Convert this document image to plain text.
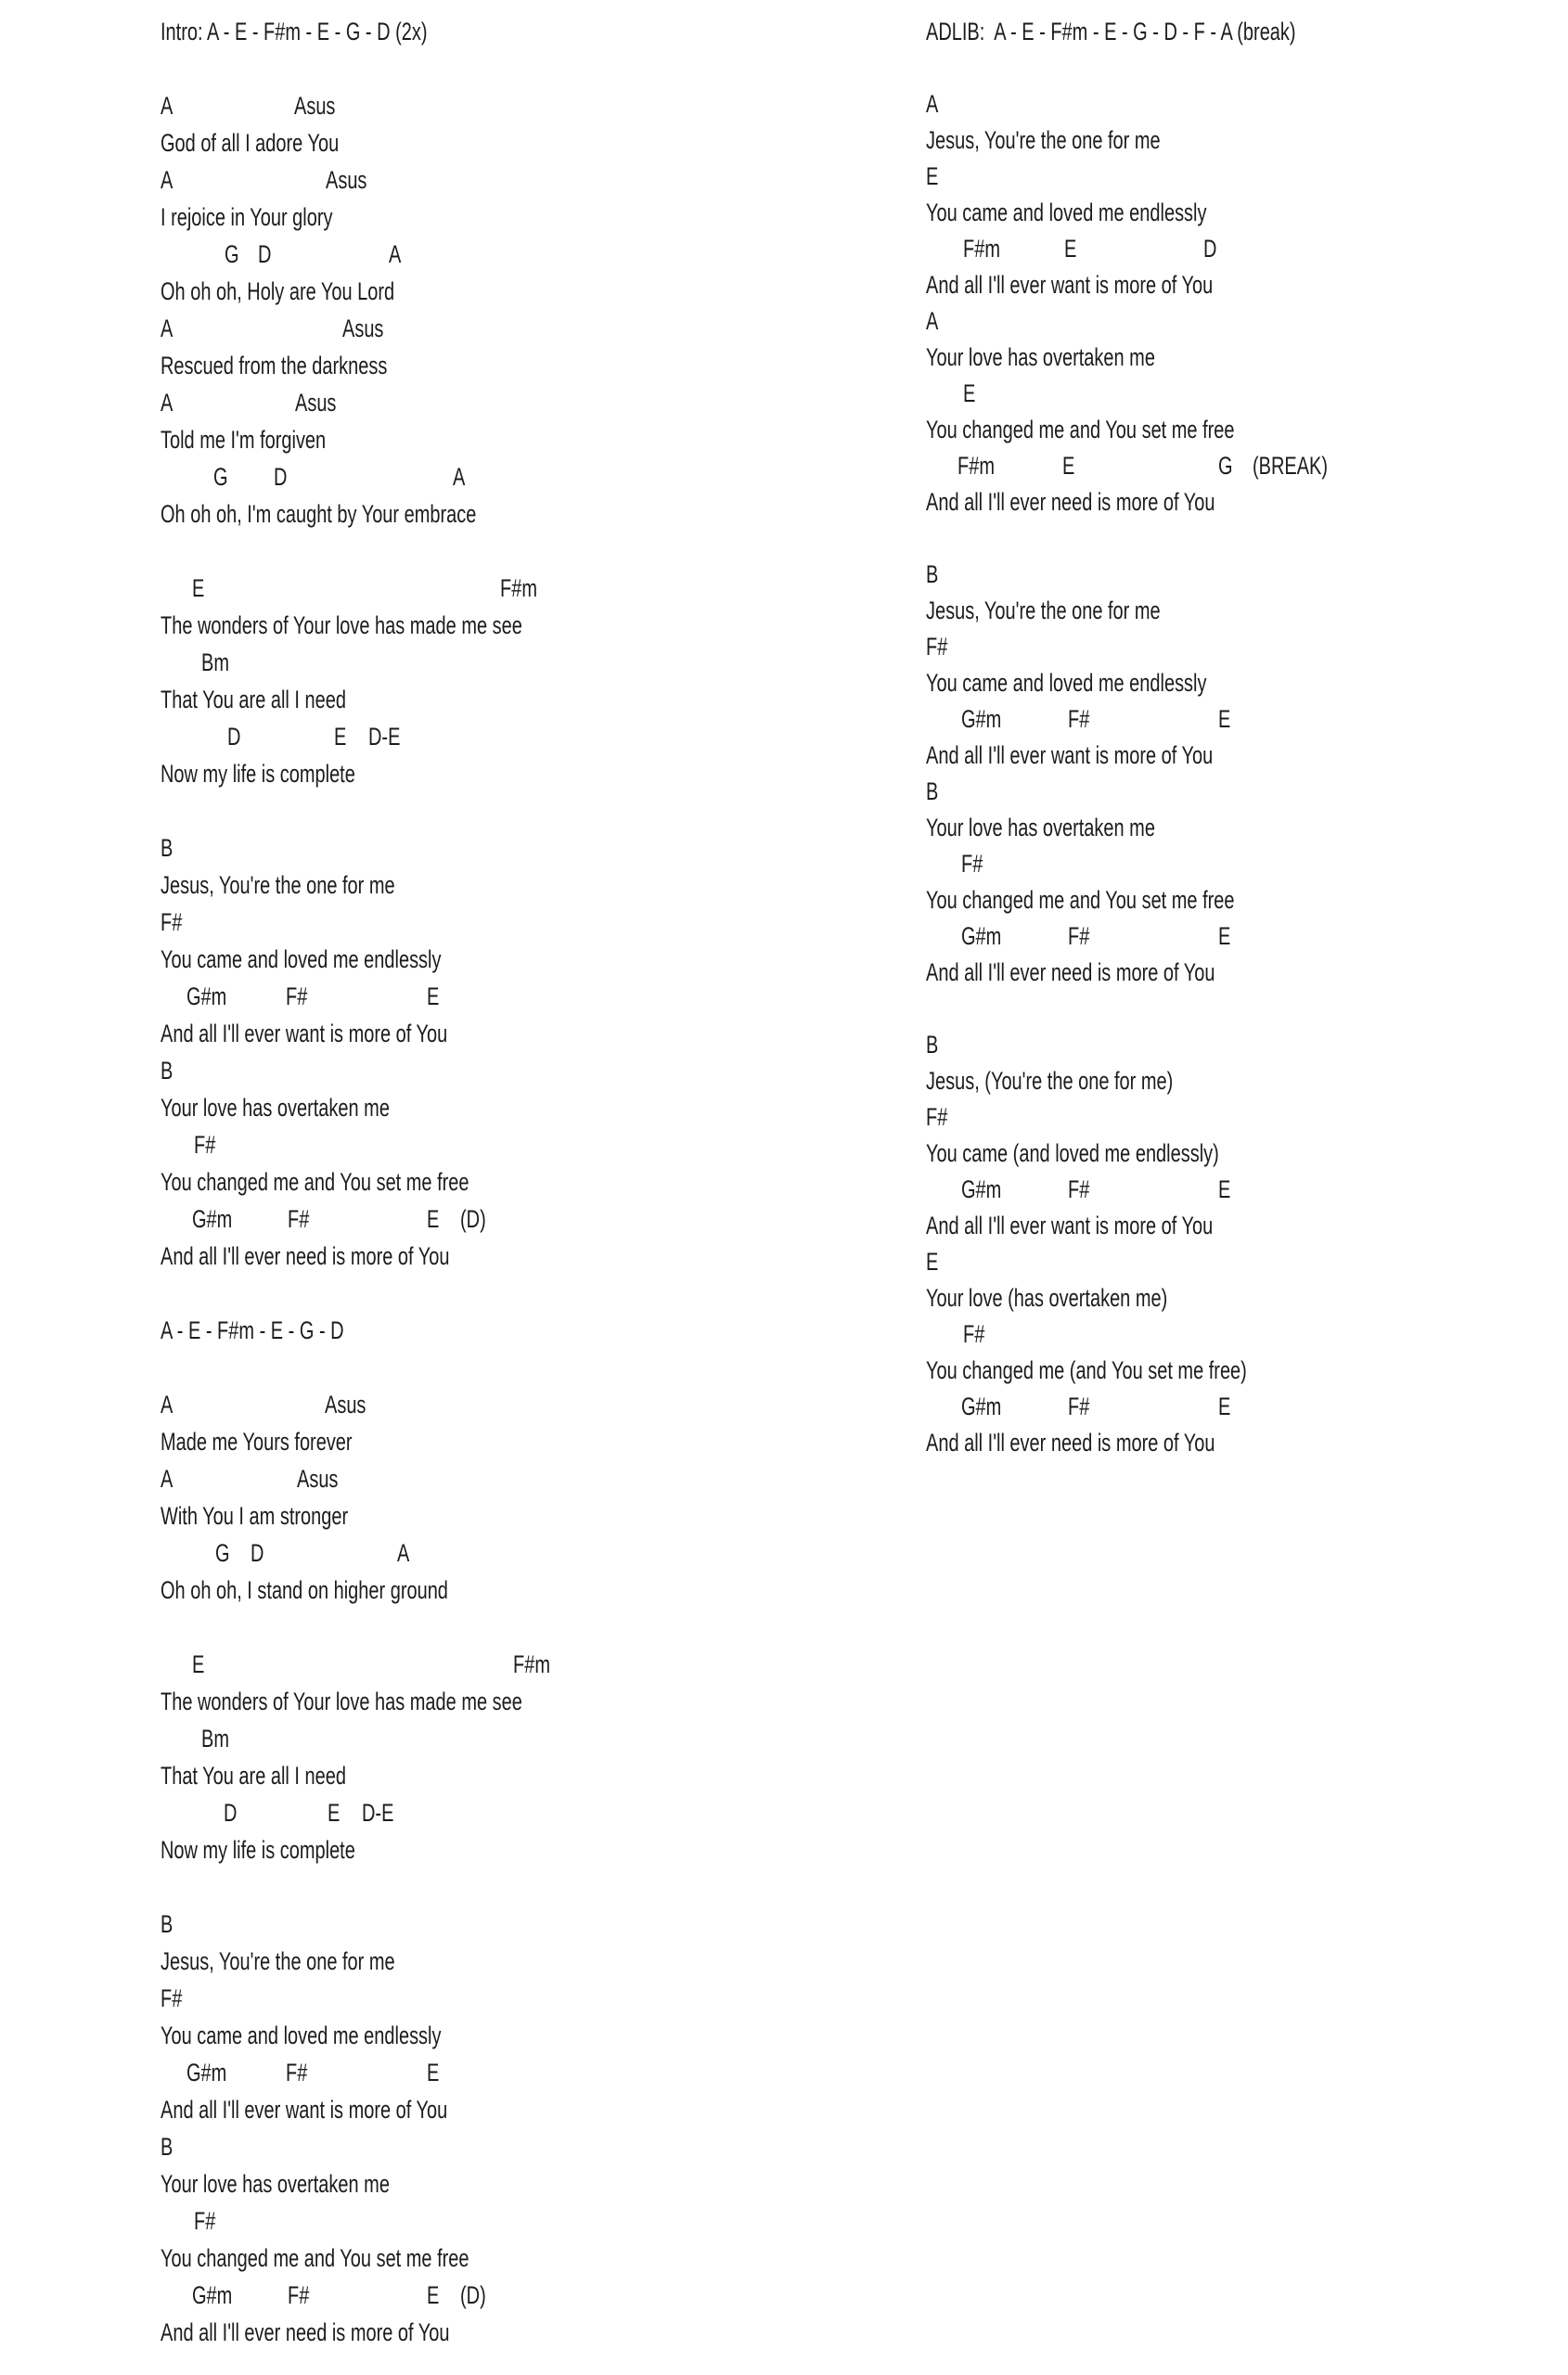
Intro: A - E - F#m - E - G - D (2x)
A	Asus
God of all I adore You
A	Asus
I rejoice in Your glory
G D	A
Oh oh oh, Holy are You Lord
A	Asus
Rescued from the darkness
A	Asus
Told me I'm forgiven
G D	A
Oh oh oh, I'm caught by Your embrace
E	F#m
The wonders of Your love has made me see
Bm
That You are all I need
D	E D-E
Now my life is complete
B
Jesus, You're the one for me
F#
You came and loved me endlessly
G#m F#	E
And all I'll ever want is more of You
B
Your love has overtaken me
F#
You changed me and You set me free
G#m F#	E (D)
And all I'll ever need is more of You
A - E - F#m - E - G - D
A	Asus
Made me Yours forever
A	Asus
With You I am stronger
G D	A
Oh oh oh, I stand on higher ground
E	F#m
The wonders of Your love has made me see
Bm
That You are all I need
D	E D-E
Now my life is complete
B
Jesus, You're the one for me
F#
You came and loved me endlessly
G#m F#	E
And all I'll ever want is more of You
B
Your love has overtaken me
F#
You changed me and You set me free
G#m F#	E (D)
And all I'll ever need is more of You
ADLIB:  A - E - F#m - E - G - D - F - A (break)
A
Jesus, You're the one for me
E
You came and loved me endlessly
F#m	E	D
And all I'll ever want is more of You
A
Your love has overtaken me
E
You changed me and You set me free
F#m	E	G (BREAK)
And all I'll ever need is more of You
B
Jesus, You're the one for me
F#
You came and loved me endlessly
G#m	F#	E
And all I'll ever want is more of You
B
Your love has overtaken me
F#
You changed me and You set me free
G#m	F#	E
And all I'll ever need is more of You
B
Jesus, (You're the one for me)
F#
You came (and loved me endlessly)
G#m	F#	E
And all I'll ever want is more of You
E
Your love (has overtaken me)
F#
You changed me (and You set me free)
G#m	F#	E
And all I'll ever need is more of You
